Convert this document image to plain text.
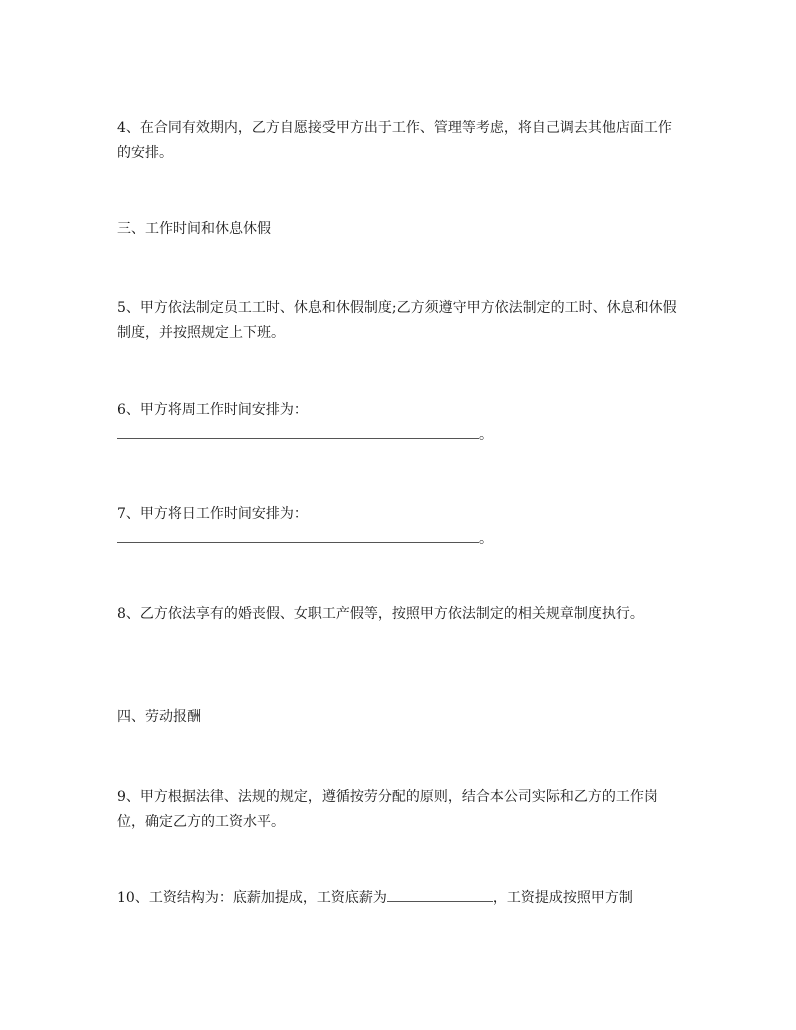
4、在合同有效期内，乙方自愿接受甲方出于工作、管理等考虑，将自己调去其他店面工作的安排。

三、工作时间和休息休假

5、甲方依法制定员工工时、休息和休假制度;乙方须遵守甲方依法制定的工时、休息和休假制度，并按照规定上下班。

6、甲方将周工作时间安排为：
。

7、甲方将日工作时间安排为：
。

8、乙方依法享有的婚丧假、女职工产假等，按照甲方依法制定的相关规章制度执行。

四、劳动报酬

9、甲方根据法律、法规的规定，遵循按劳分配的原则，结合本公司实际和乙方的工作岗位，确定乙方的工资水平。

10、工资结构为：底薪加提成，工资底薪为	，工资提成按照甲方制
